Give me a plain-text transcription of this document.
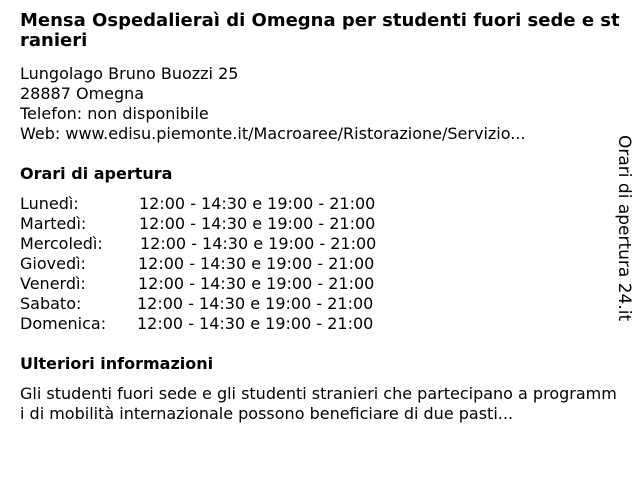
Mensa Ospedalierаì di Omegna per studenti fuori sede e stranieri
Lungolago Bruno Buozzi 25
28887 Omegna
Telefon: non disponibile
Web: www.edisu.piemonte.it/Macroaree/Ristorazione/Servizio...
Orari di apertura
Lunedì:	12:00 - 14:30 e 19:00 - 21:00
Martedì:	12:00 - 14:30 e 19:00 - 21:00
Mercoledì: 12:00 - 14:30 e 19:00 - 21:00
Giovedì:	12:00 - 14:30 e 19:00 - 21:00
Venerdì:	12:00 - 14:30 e 19:00 - 21:00
Sabato:	12:00 - 14:30 e 19:00 - 21:00
Domenica: 12:00 - 14:30 e 19:00 - 21:00
Ulteriori informazioni
Gli studenti fuori sede e gli studenti stranieri che partecipano a programmi di mobilità internazionale possono beneficiare di due pasti...
Orari di apertura 24.it
